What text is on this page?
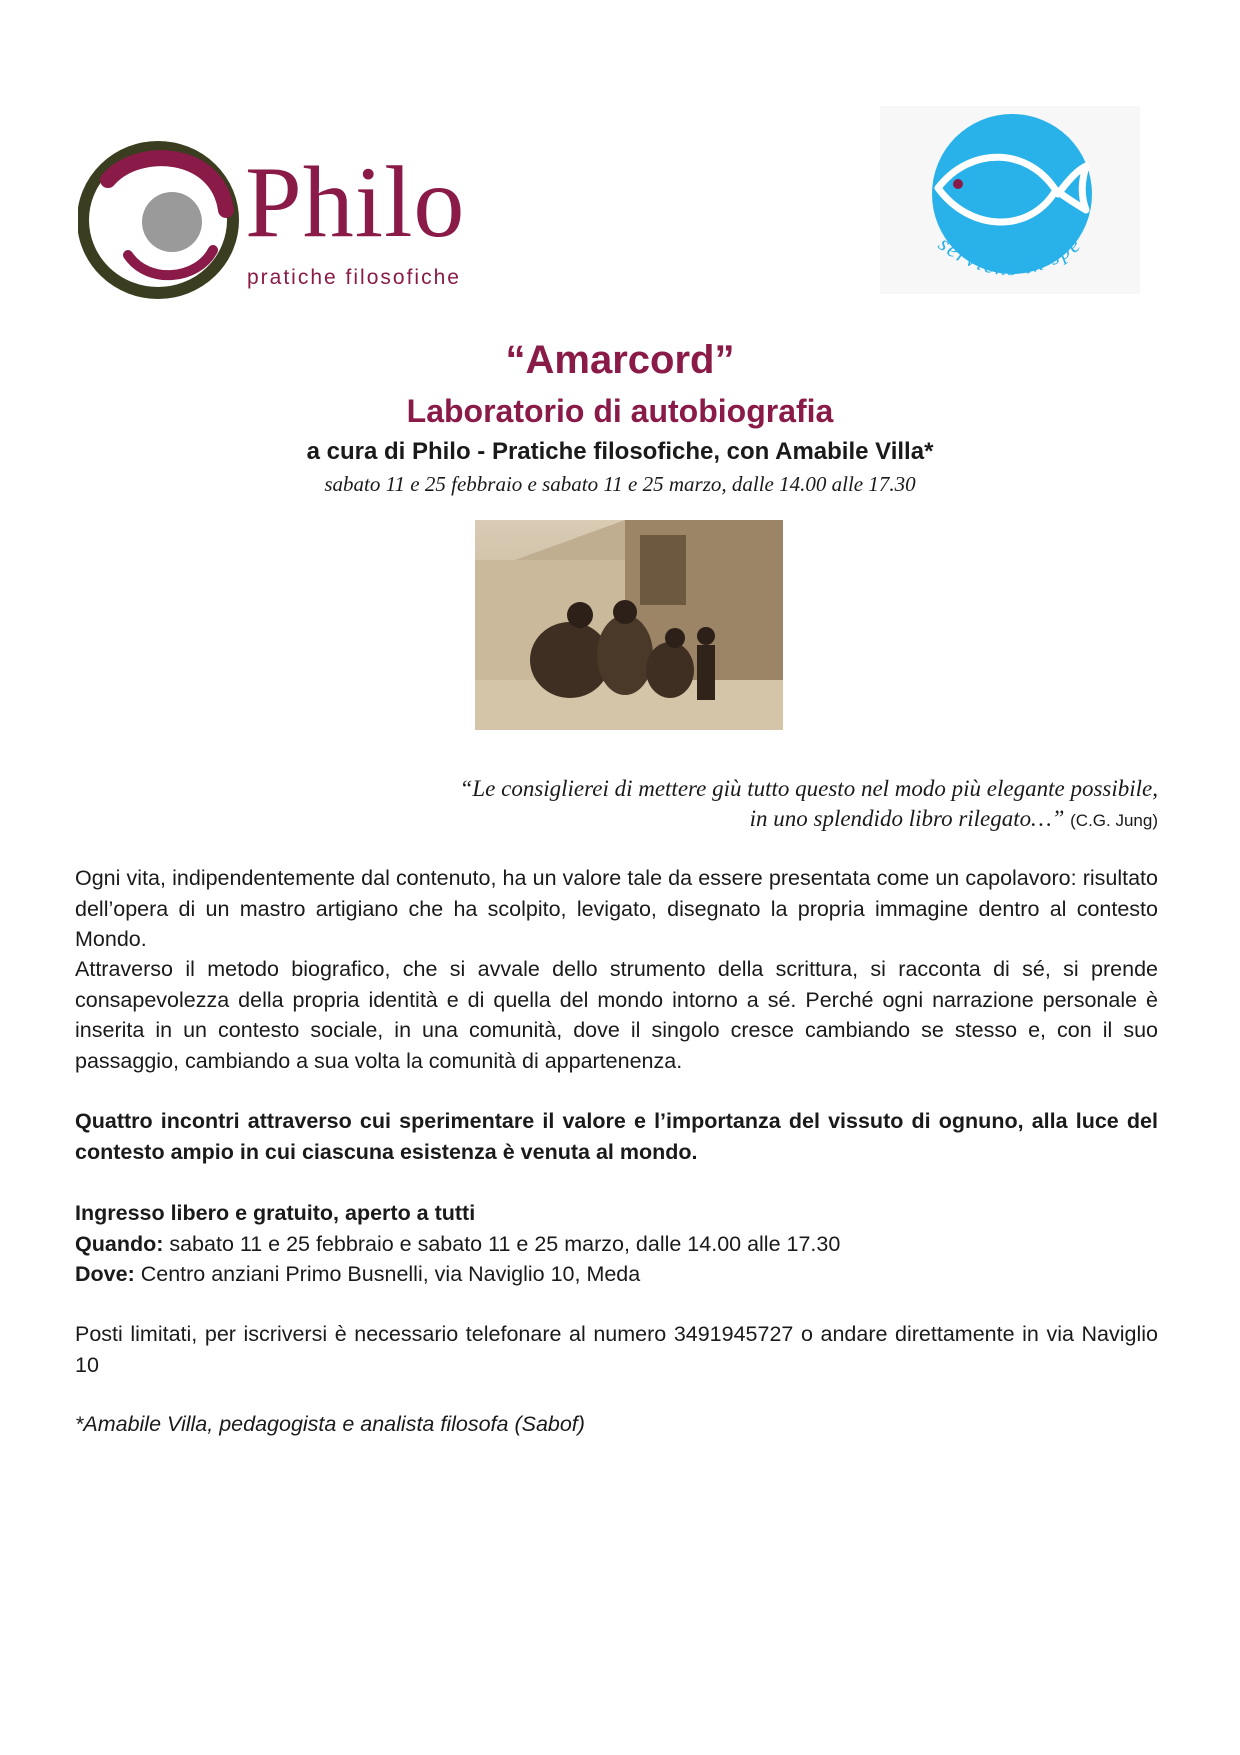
Philo
pratiche filosofiche
serviens in spe
“Amarcord”
Laboratorio di autobiografia
a cura di Philo - Pratiche filosofiche, con Amabile Villa*
sabato 11 e 25 febbraio e sabato 11 e 25 marzo, dalle 14.00 alle 17.30
“Le consiglierei di mettere giù tutto questo nel modo più elegante possibile,
in uno splendido libro rilegato…” (C.G. Jung)
Ogni vita, indipendentemente dal contenuto, ha un valore tale da essere presentata come un capolavoro: risultato dell’opera di un mastro artigiano che ha scolpito, levigato, disegnato la propria immagine dentro al contesto Mondo.
Attraverso il metodo biografico, che si avvale dello strumento della scrittura, si racconta di sé, si prende consapevolezza della propria identità e di quella del mondo intorno a sé. Perché ogni narrazione personale è inserita in un contesto sociale, in una comunità, dove il singolo cresce cambiando se stesso e, con il suo passaggio, cambiando a sua volta la comunità di appartenenza.
Quattro incontri attraverso cui sperimentare il valore e l’importanza del vissuto di ognuno, alla luce del contesto ampio in cui ciascuna esistenza è venuta al mondo.
Ingresso libero e gratuito, aperto a tutti
Quando: sabato 11 e 25 febbraio e sabato 11 e 25 marzo, dalle 14.00 alle 17.30
Dove: Centro anziani Primo Busnelli, via Naviglio 10, Meda
Posti limitati, per iscriversi è necessario telefonare al numero 3491945727 o andare direttamente in via Naviglio 10
*Amabile Villa, pedagogista e analista filosofa (Sabof)
